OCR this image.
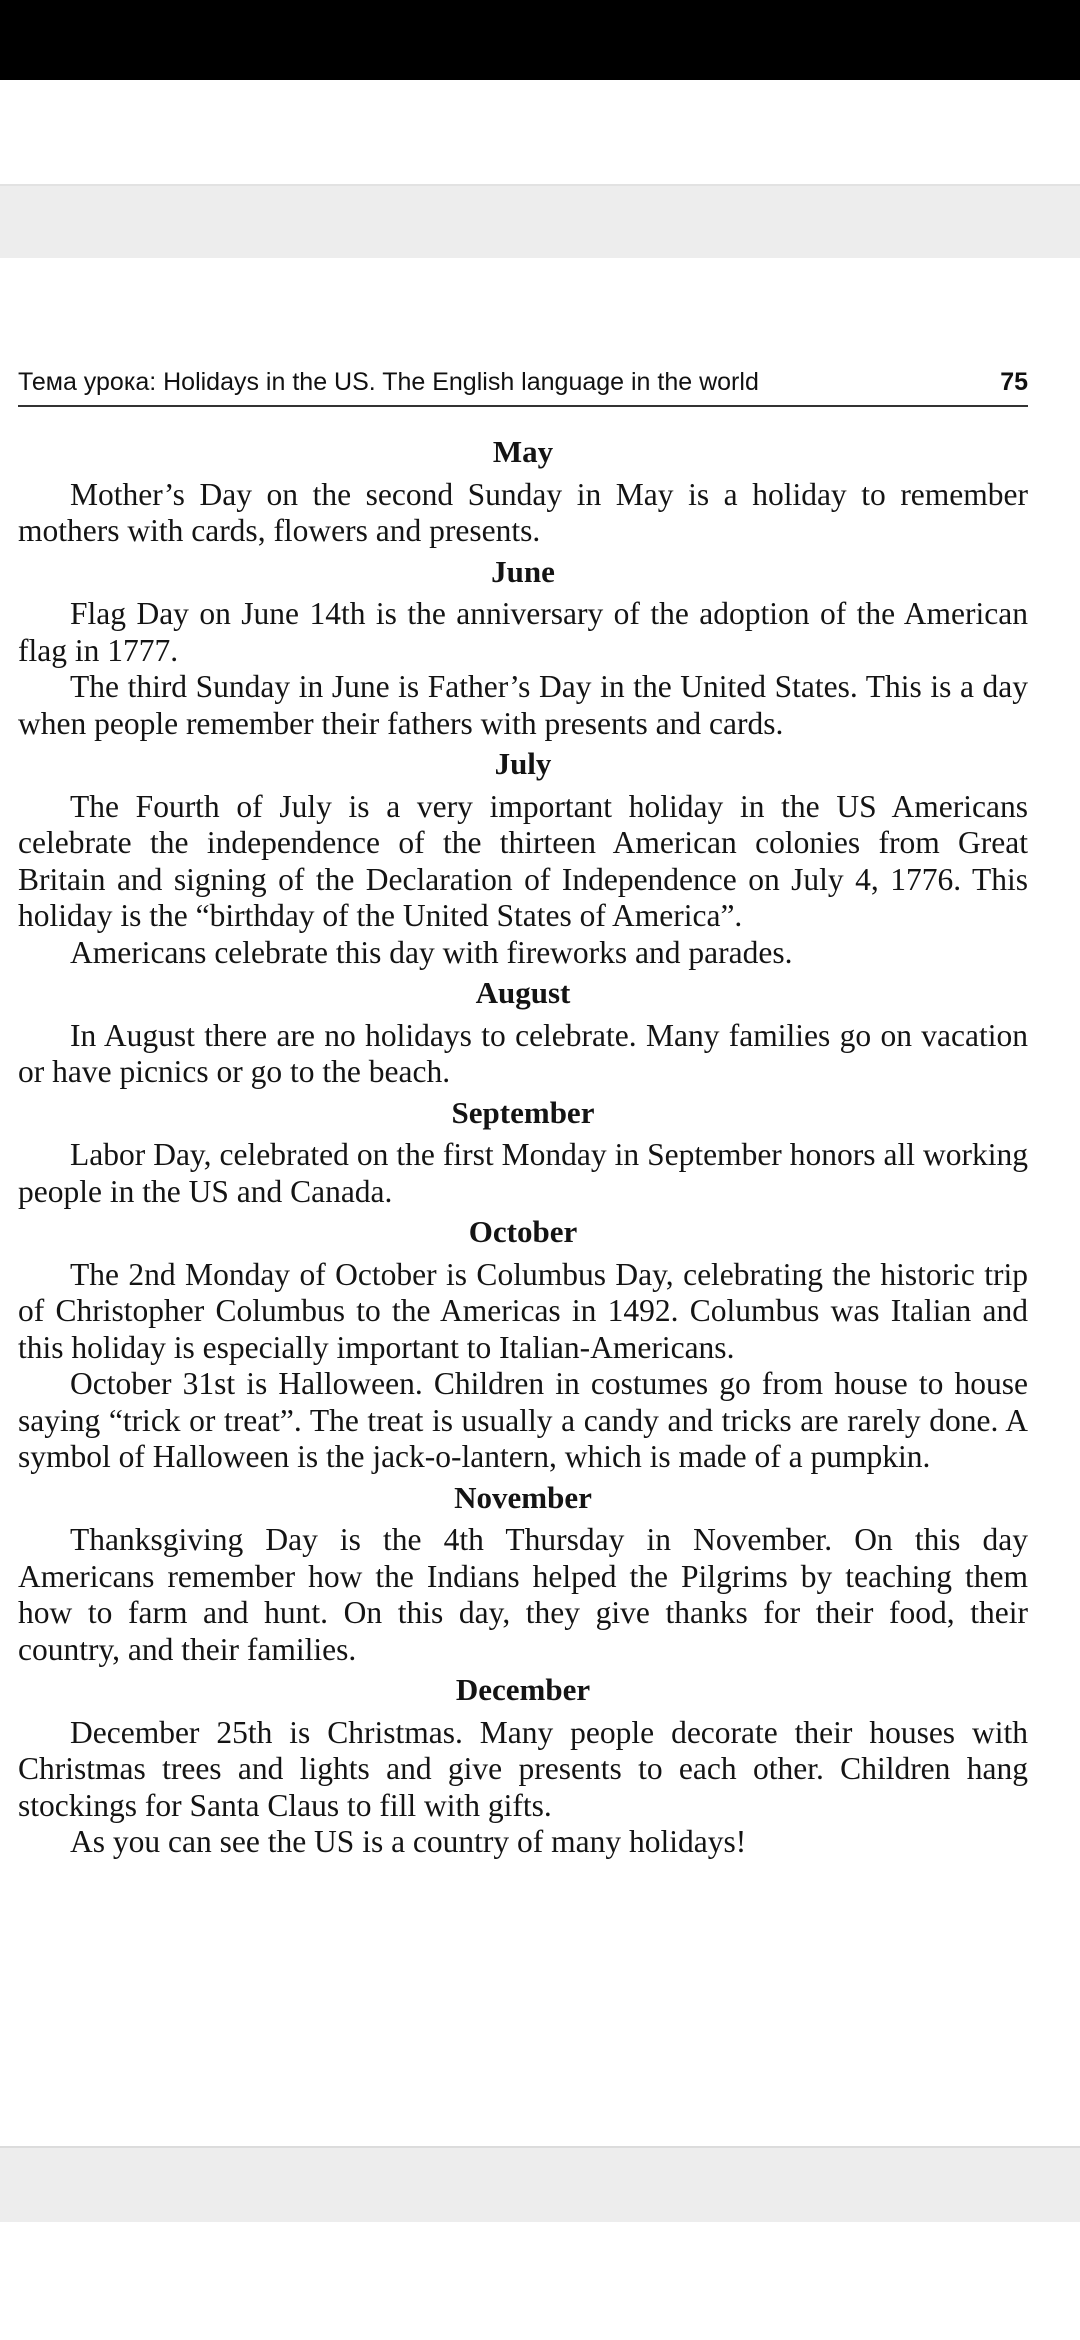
Тема урока: Holidays in the US. The English language in the world	75
May

Mother’s Day on the second Sunday in May is a holiday to remember mothers with cards, flowers and presents.

June

Flag Day on June 14th is the anniversary of the adoption of the American flag in 1777.

The third Sunday in June is Father’s Day in the United States. This is a day when people remember their fathers with presents and cards.

July

The Fourth of July is a very important holiday in the US Americans celebrate the independence of the thirteen American colonies from Great Britain and signing of the Declaration of Independence on July 4, 1776. This holiday is the “birthday of the United States of America”.

Americans celebrate this day with fireworks and parades.

August

In August there are no holidays to celebrate. Many families go on vacation or have picnics or go to the beach.

September

Labor Day, celebrated on the first Monday in September honors all working people in the US and Canada.

October

The 2nd Monday of October is Columbus Day, celebrating the historic trip of Christopher Columbus to the Americas in 1492. Columbus was Italian and this holiday is especially important to Italian-Americans.

October 31st is Halloween. Children in costumes go from house to house saying “trick or treat”. The treat is usually a candy and tricks are rarely done. A symbol of Halloween is the jack-o-lantern, which is made of a pumpkin.

November

Thanksgiving Day is the 4th Thursday in November. On this day Americans remember how the Indians helped the Pilgrims by teaching them how to farm and hunt. On this day, they give thanks for their food, their country, and their families.

December

December 25th is Christmas. Many people decorate their houses with Christmas trees and lights and give presents to each other. Children hang stockings for Santa Claus to fill with gifts.

As you can see the US is a country of many holidays!
